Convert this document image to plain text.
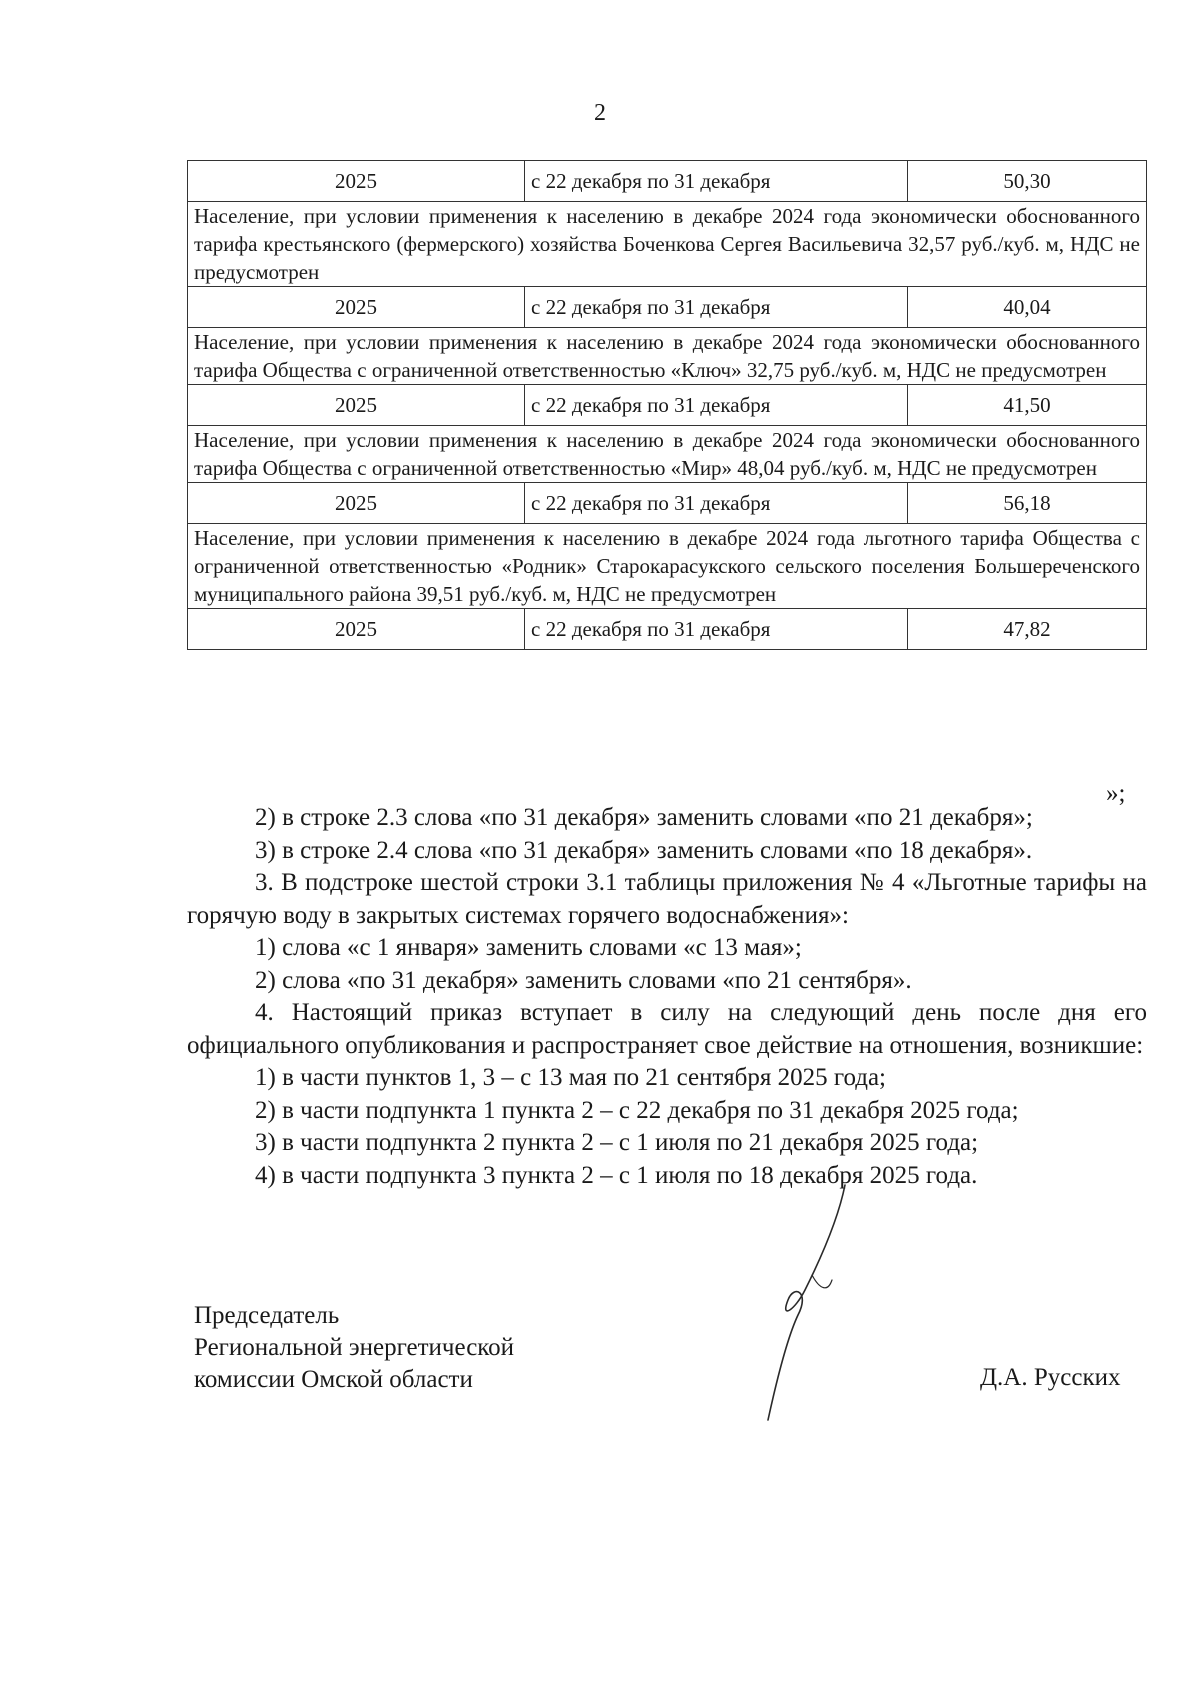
2
2025	с 22 декабря по 31 декабря	50,30
Население, при условии применения к населению в декабре 2024 года экономически обоснованного тарифа крестьянского (фермерского) хозяйства Боченкова Сергея Васильевича 32,57 руб./куб. м, НДС не предусмотрен		
2025	с 22 декабря по 31 декабря	40,04
Население, при условии применения к населению в декабре 2024 года экономически обоснованного тарифа Общества с ограниченной ответственностью «Ключ» 32,75 руб./куб. м, НДС не предусмотрен		
2025	с 22 декабря по 31 декабря	41,50
Население, при условии применения к населению в декабре 2024 года экономически обоснованного тарифа Общества с ограниченной ответственностью «Мир» 48,04 руб./куб. м, НДС не предусмотрен		
2025	с 22 декабря по 31 декабря	56,18
Население, при условии применения к населению в декабре 2024 года льготного тарифа Общества с ограниченной ответственностью «Родник» Старокарасукского сельского поселения Большереченского муниципального района 39,51 руб./куб. м, НДС не предусмотрен		
2025	с 22 декабря по 31 декабря	47,82
»;

2) в строке 2.3 слова «по 31 декабря» заменить словами «по 21 декабря»;

3) в строке 2.4 слова «по 31 декабря» заменить словами «по 18 декабря».

3. В подстроке шестой строки 3.1 таблицы приложения № 4 «Льготные тарифы на горячую воду в закрытых системах горячего водоснабжения»:

1) слова «с 1 января» заменить словами «с 13 мая»;

2) слова «по 31 декабря» заменить словами «по 21 сентября».

4. Настоящий приказ вступает в силу на следующий день после дня его официального опубликования и распространяет свое действие на отношения, возникшие:

1) в части пунктов 1, 3 – с 13 мая по 21 сентября 2025 года;

2) в части подпункта 1 пункта 2 – с 22 декабря по 31 декабря 2025 года;

3) в части подпункта 2 пункта 2 – с 1 июля по 21 декабря 2025 года;

4) в части подпункта 3 пункта 2 – с 1 июля по 18 декабря 2025 года.

Председатель
Региональной энергетической
комиссии Омской области	Д.А. Русских
